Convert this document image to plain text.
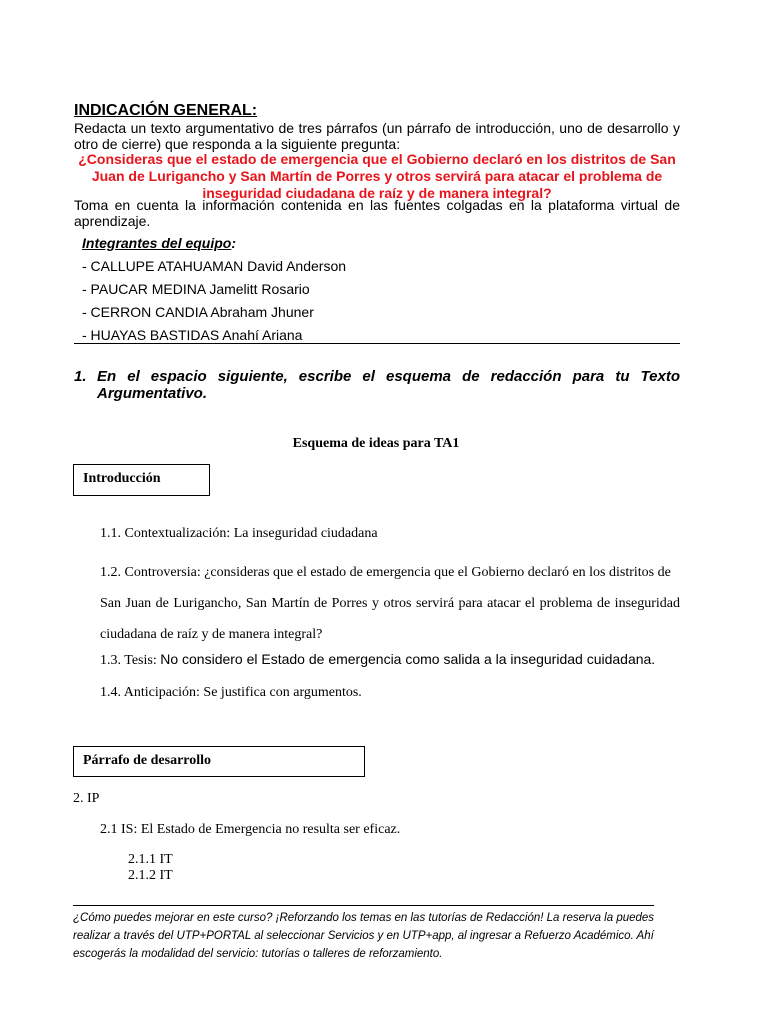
INDICACIÓN GENERAL:
Redacta un texto argumentativo de tres párrafos (un párrafo de introducción, uno de desarrollo y otro de cierre) que responda a la siguiente pregunta:
¿Consideras que el estado de emergencia que el Gobierno declaró en los distritos de San Juan de Lurigancho y San Martín de Porres y otros servirá para atacar el problema de inseguridad ciudadana de raíz y de manera integral?
Toma en cuenta la información contenida en las fuentes colgadas en la plataforma virtual de aprendizaje.
Integrantes del equipo:
- CALLUPE ATAHUAMAN David Anderson
- PAUCAR MEDINA Jamelitt Rosario
- CERRON CANDIA Abraham Jhuner
- HUAYAS BASTIDAS Anahí Ariana
1. En el espacio siguiente, escribe el esquema de redacción para tu Texto Argumentativo.
Esquema de ideas para TA1
Introducción
1.1. Contextualización: La inseguridad ciudadana
1.2. Controversia: ¿consideras que el estado de emergencia que el Gobierno declaró en los distritos de
San Juan de Lurigancho, San Martín de Porres y otros servirá para atacar el problema de inseguridad ciudadana de raíz y de manera integral?
1.3. Tesis: No considero el Estado de emergencia como salida a la inseguridad cuidadana.
1.4. Anticipación: Se justifica con argumentos.
Párrafo de desarrollo
2. IP
2.1 IS: El Estado de Emergencia no resulta ser eficaz.
2.1.1 IT
2.1.2 IT
¿Cómo puedes mejorar en este curso? ¡Reforzando los temas en las tutorías de Redacción! La reserva la puedes realizar a través del UTP+PORTAL al seleccionar Servicios y en UTP+app, al ingresar a Refuerzo Académico. Ahí escogerás la modalidad del servicio: tutorías o talleres de reforzamiento.
